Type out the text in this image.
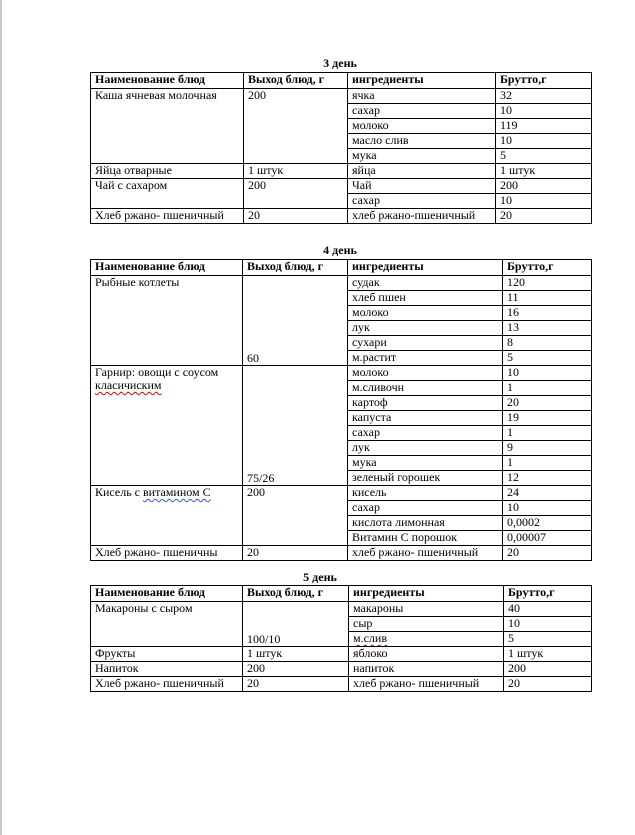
3 день
Наименование блюд	Выход блюд, г	ингредиенты	Брутто,г
Каша ячневая молочная	200	ячка	32
		сахар	10
		молоко	119
		масло слив	10
		мука	5
Яйца отварные	1 штук	яйца	1 штук
Чай с сахаром	200	Чай	200
		сахар	10
Хлеб ржано- пшеничный	20	хлеб ржано-пшеничный	20
4 день
Наименование блюд	Выход блюд, г	ингредиенты	Брутто,г
Рыбные котлеты	60	судак	120
		хлеб пшен	11
		молоко	16
		лук	13
		сухари	8
		м.растит	5
Гарнир: овощи с соусом
класичиским	75/26	молоко	10
		м.сливочн	1
		картоф	20
		капуста	19
		сахар	1
		лук	9
		мука	1
		зеленый горошек	12
Кисель с витамином С	200	кисель	24
		сахар	10
		кислота лимонная	0,0002
		Витамин С порошок	0,00007
Хлеб ржано- пшеничны	20	хлеб ржано- пшеничный	20
5 день
Наименование блюд	Выход блюд, г	ингредиенты	Брутто,г
Макароны с сыром	100/10	макароны	40
		сыр	10
		м.слив	5
Фрукты	1 штук	яблоко	1 штук
Напиток	200	напиток	200
Хлеб ржано- пшеничный	20	хлеб ржано- пшеничный	20
